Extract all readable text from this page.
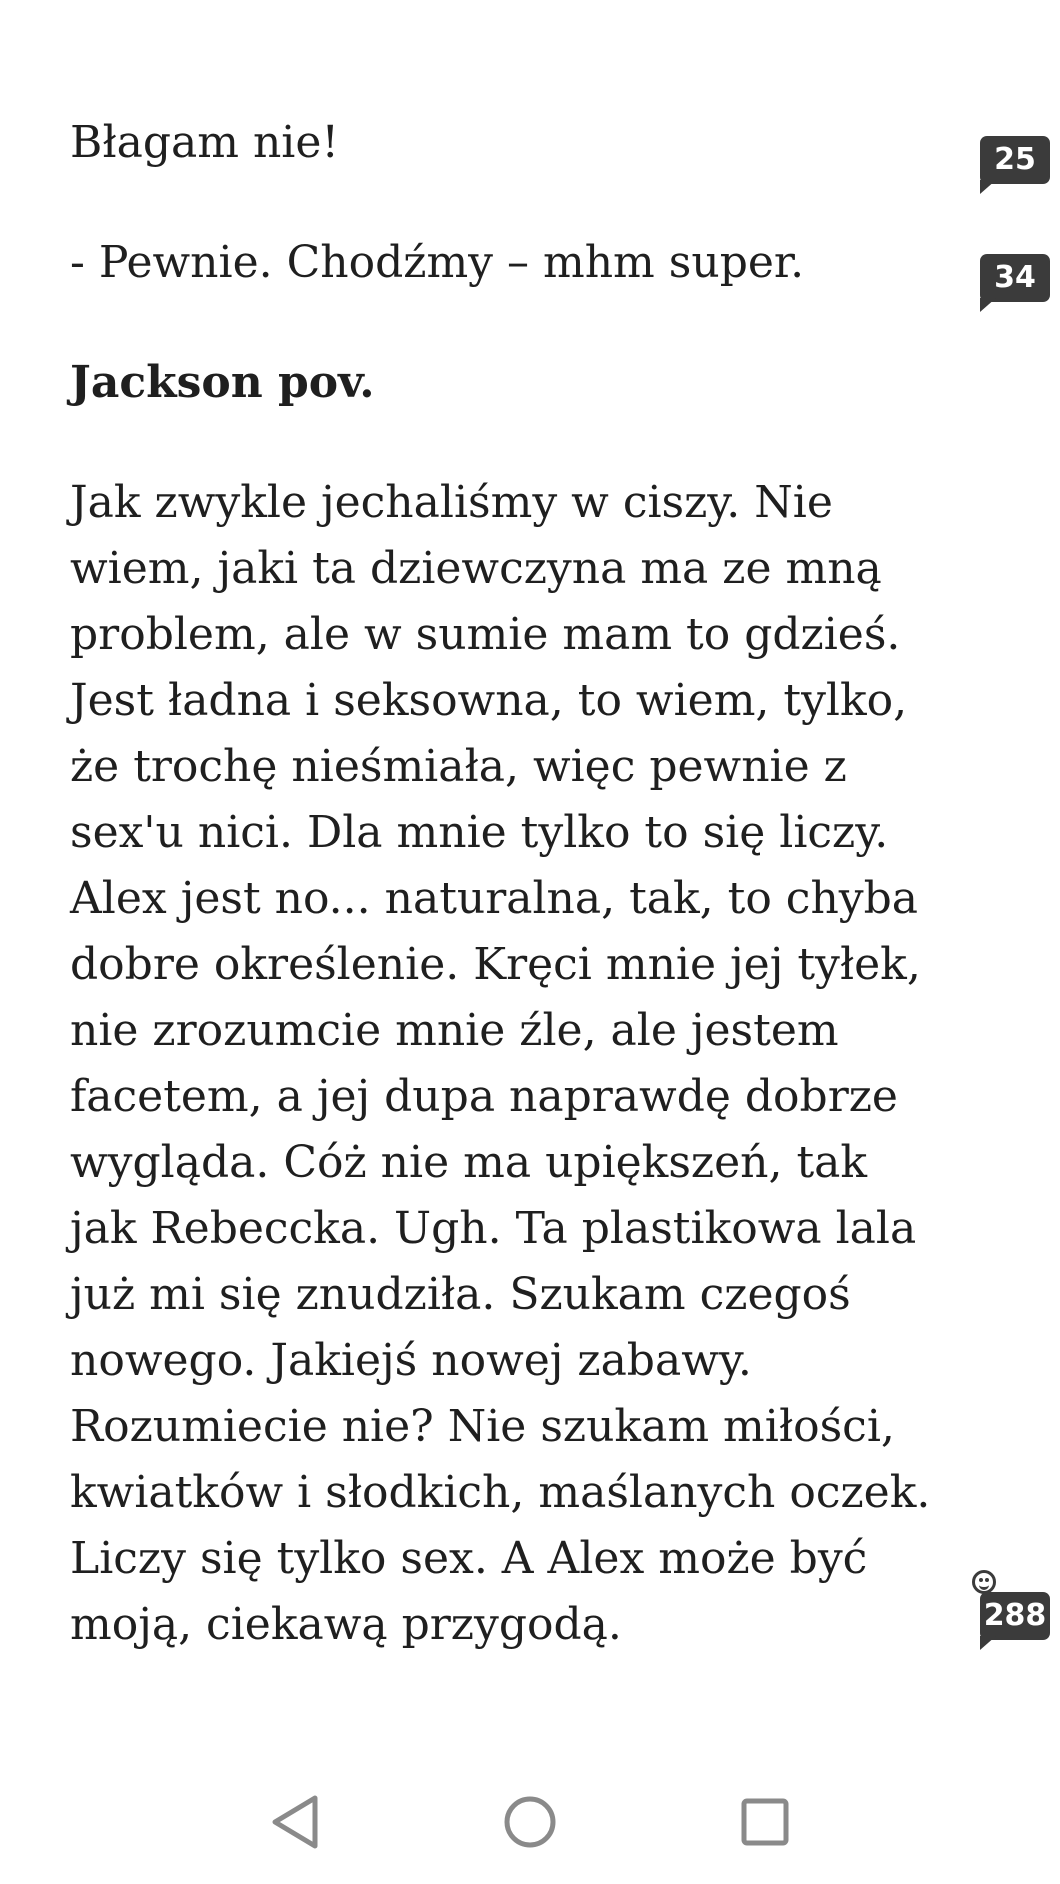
Błagam nie!	25

- Pewnie. Chodźmy – mhm super.	34

Jackson pov.

Jak zwykle jechaliśmy w ciszy. Nie
wiem, jaki ta dziewczyna ma ze mną
problem, ale w sumie mam to gdzieś.
Jest ładna i seksowna, to wiem, tylko,
że trochę nieśmiała, więc pewnie z
sex'u nici. Dla mnie tylko to się liczy.
Alex jest no... naturalna, tak, to chyba
dobre określenie. Kręci mnie jej tyłek,
nie zrozumcie mnie źle, ale jestem
facetem, a jej dupa naprawdę dobrze
wygląda. Cóż nie ma upiększeń, tak
jak Rebeccka. Ugh. Ta plastikowa lala
już mi się znudziła. Szukam czegoś
nowego. Jakiejś nowej zabawy.
Rozumiecie nie? Nie szukam miłości,
kwiatków i słodkich, maślanych oczek.
Liczy się tylko sex. A Alex może być
moją, ciekawą przygodą.	288
